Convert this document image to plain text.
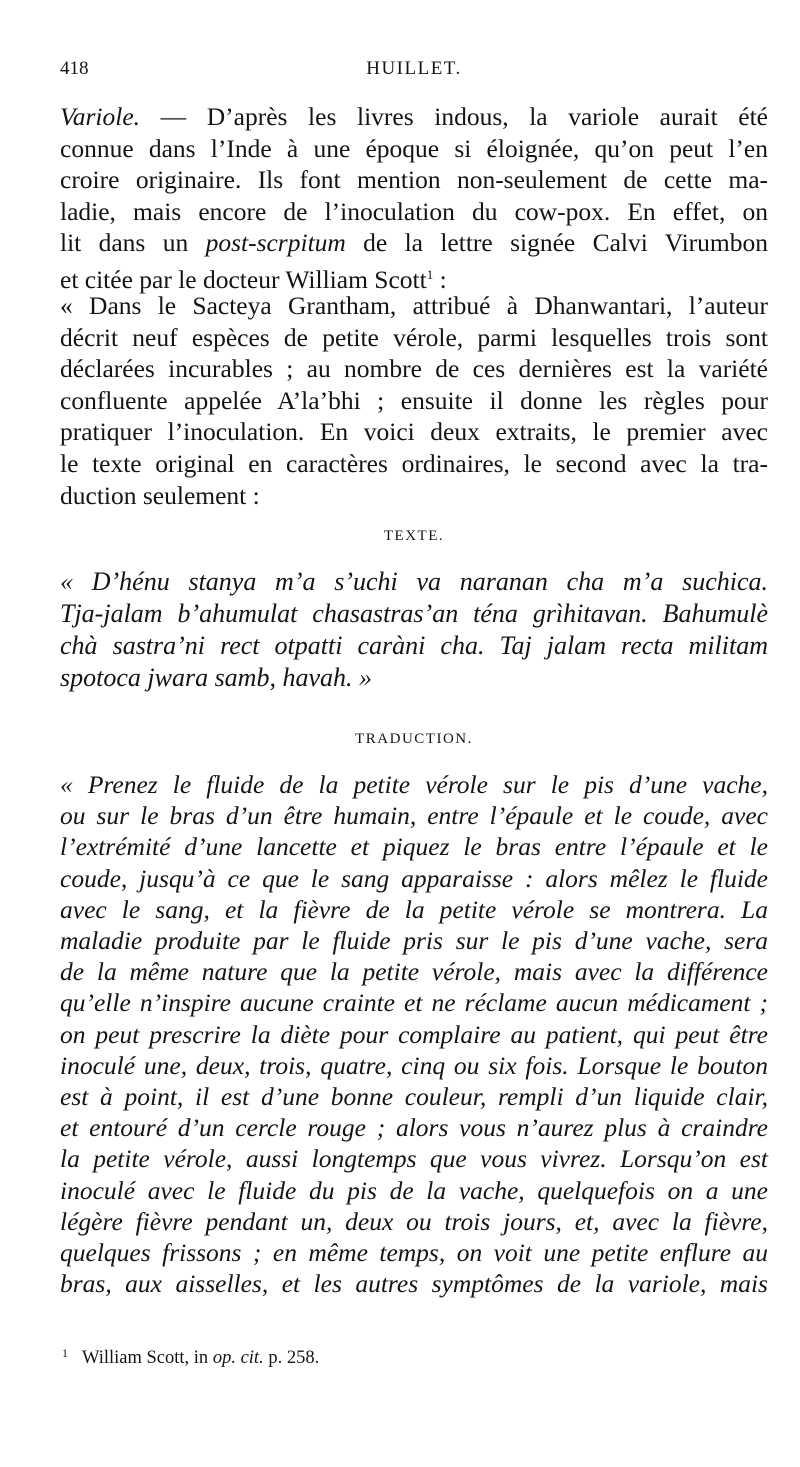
418	HUILLET.
Variole. — D’après les livres indous, la variole aurait été
connue dans l’Inde à une époque si éloignée, qu’on peut l’en
croire originaire. Ils font mention non-seulement de cette ma-
ladie, mais encore de l’inoculation du cow-pox. En effet, on
lit dans un post-scrpitum de la lettre signée Calvi Virumbon
et citée par le docteur William Scott$^1$ :
« Dans le Sacteya Grantham, attribué à Dhanwantari, l’auteur
décrit neuf espèces de petite vérole, parmi lesquelles trois sont
déclarées incurables ; au nombre de ces dernières est la variété
confluente appelée A’la’bhi ; ensuite il donne les règles pour
pratiquer l’inoculation. En voici deux extraits, le premier avec
le texte original en caractères ordinaires, le second avec la tra-
duction seulement :
TEXTE.
« D’hénu stanya m’a s’uchi va naranan cha m’a suchica.
Tja-jalam b’ahumulat chasastras’an téna grìhitavan. Bahumulè
chà sastra’ni rect otpatti caràni cha. Taj jalam recta militam
spotoca jwara samb, havah. »
TRADUCTION.
« Prenez le fluide de la petite vérole sur le pis d’une vache,
ou sur le bras d’un être humain, entre l’épaule et le coude, avec
l’extrémité d’une lancette et piquez le bras entre l’épaule et le
coude, jusqu’à ce que le sang apparaisse : alors mêlez le fluide
avec le sang, et la fièvre de la petite vérole se montrera. La
maladie produite par le fluide pris sur le pis d’une vache, sera
de la même nature que la petite vérole, mais avec la différence
qu’elle n’inspire aucune crainte et ne réclame aucun médicament ;
on peut prescrire la diète pour complaire au patient, qui peut être
inoculé une, deux, trois, quatre, cinq ou six fois. Lorsque le bouton
est à point, il est d’une bonne couleur, rempli d’un liquide clair,
et entouré d’un cercle rouge ; alors vous n’aurez plus à craindre
la petite vérole, aussi longtemps que vous vivrez. Lorsqu’on est
inoculé avec le fluide du pis de la vache, quelquefois on a une
légère fièvre pendant un, deux ou trois jours, et, avec la fièvre,
quelques frissons ; en même temps, on voit une petite enflure au
bras, aux aisselles, et les autres symptômes de la variole, mais
$^1$ William Scott, in op. cit. p. 258.
